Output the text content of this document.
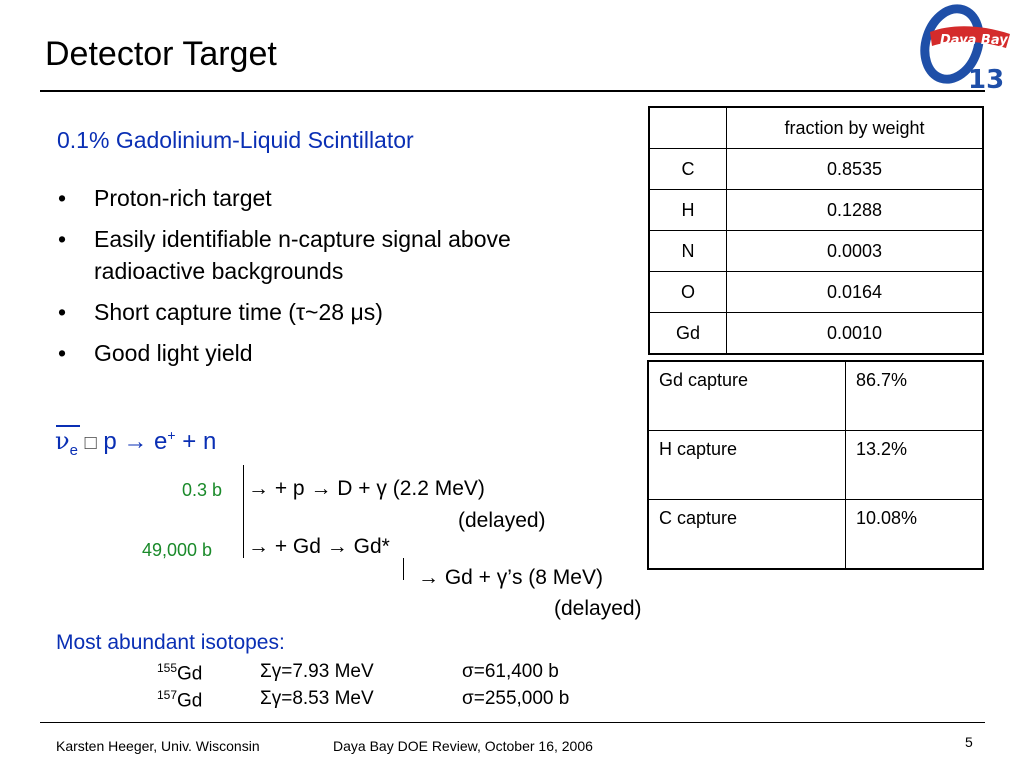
Detector Target	Daya Bay
13
0.1% Gadolinium-Liquid Scintillator
• Proton-rich target
• Easily identifiable n-capture signal above radioactive backgrounds
• Short capture time (τ~28 μs)
• Good light yield
$\nu_e$ □ p → e+ + n
0.3 b → + p → D + γ (2.2 MeV)
(delayed)
49,000 b → + Gd → Gd*
→ Gd + γ’s (8 MeV)
(delayed)
Most abundant isotopes:
$^{155}$Gd	Σγ=7.93 MeV	σ=61,400 b
$^{157}$Gd	Σγ=8.53 MeV	σ=255,000 b
	fraction by weight
C	0.8535
H	0.1288
N	0.0003
O	0.0164
Gd	0.0010
Gd capture	86.7%
H capture	13.2%
C capture	10.08%
Karsten Heeger, Univ. Wisconsin	Daya Bay DOE Review, October 16, 2006	5
